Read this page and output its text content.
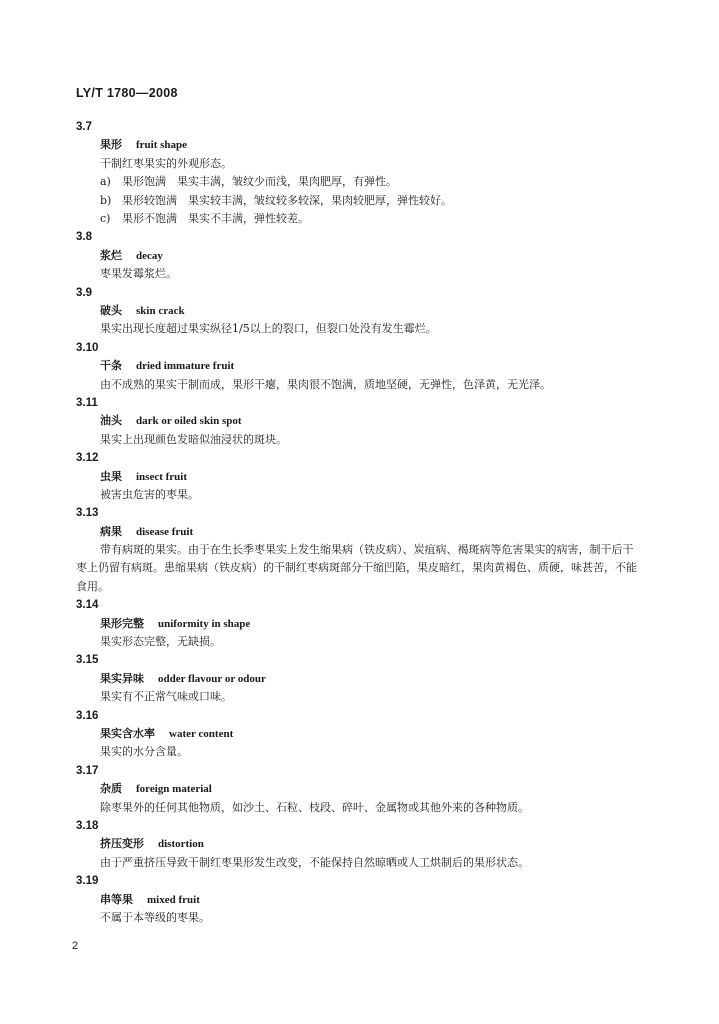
LY/T 1780—2008
3.7
果形 fruit shape
干制红枣果实的外观形态。
a) 果形饱满　果实丰满，皱纹少而浅，果肉肥厚，有弹性。
b) 果形较饱满　果实较丰满，皱纹较多较深，果肉较肥厚，弹性较好。
c) 果形不饱满　果实不丰满，弹性较差。
3.8
浆烂 decay
枣果发霉浆烂。
3.9
破头 skin crack
果实出现长度超过果实纵径1/5以上的裂口，但裂口处没有发生霉烂。
3.10
干条 dried immature fruit
由不成熟的果实干制而成，果形干瘪，果肉很不饱满，质地坚硬，无弹性，色泽黄，无光泽。
3.11
油头 dark or oiled skin spot
果实上出现颜色发暗似油浸状的斑块。
3.12
虫果 insect fruit
被害虫危害的枣果。
3.13
病果 disease fruit
带有病斑的果实。由于在生长季枣果实上发生缩果病（铁皮病）、炭疽病、褐斑病等危害果实的病害，制干后干枣上仍留有病斑。患缩果病（铁皮病）的干制红枣病斑部分干缩凹陷，果皮暗红，果肉黄褐色、质硬，味甚苦，不能食用。
3.14
果形完整 uniformity in shape
果实形态完整，无缺损。
3.15
果实异味 odder flavour or odour
果实有不正常气味或口味。
3.16
果实含水率 water content
果实的水分含量。
3.17
杂质 foreign material
除枣果外的任何其他物质，如沙土、石粒、枝段、碎叶、金属物或其他外来的各种物质。
3.18
挤压变形 distortion
由于严重挤压导致干制红枣果形发生改变，不能保持自然晾晒或人工烘制后的果形状态。
3.19
串等果 mixed fruit
不属于本等级的枣果。
2
